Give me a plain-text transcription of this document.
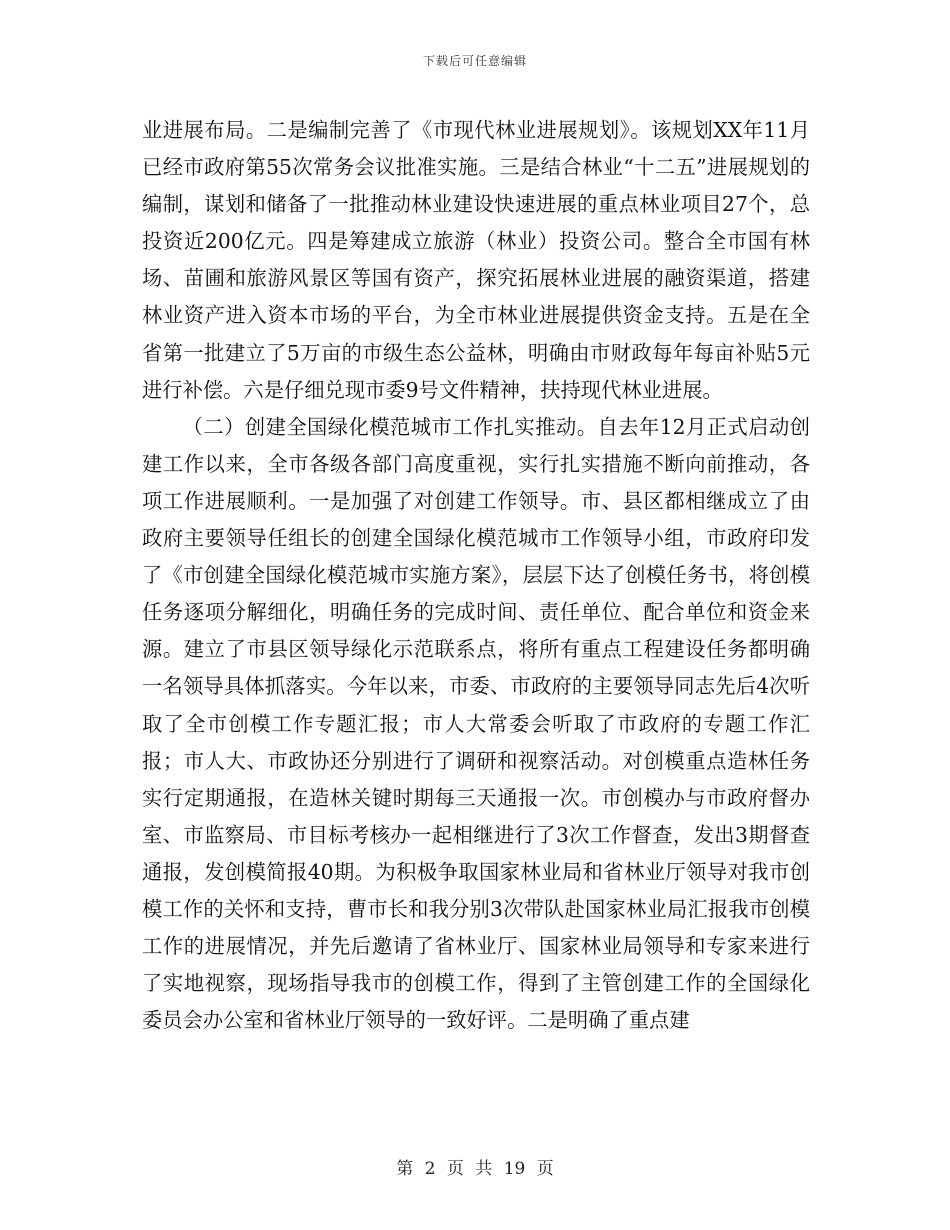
下载后可任意编辑

业进展布局。二是编制完善了《市现代林业进展规划》。该规划XX年11月已经市政府第55次常务会议批准实施。三是结合林业“十二五”进展规划的编制，谋划和储备了一批推动林业建设快速进展的重点林业项目27个，总投资近200亿元。四是筹建成立旅游（林业）投资公司。整合全市国有林场、苗圃和旅游风景区等国有资产，探究拓展林业进展的融资渠道，搭建林业资产进入资本市场的平台，为全市林业进展提供资金支持。五是在全省第一批建立了5万亩的市级生态公益林，明确由市财政每年每亩补贴5元进行补偿。六是仔细兑现市委9号文件精神，扶持现代林业进展。

（二）创建全国绿化模范城市工作扎实推动。自去年12月正式启动创建工作以来，全市各级各部门高度重视，实行扎实措施不断向前推动，各项工作进展顺利。一是加强了对创建工作领导。市、县区都相继成立了由政府主要领导任组长的创建全国绿化模范城市工作领导小组，市政府印发了《市创建全国绿化模范城市实施方案》，层层下达了创模任务书，将创模任务逐项分解细化，明确任务的完成时间、责任单位、配合单位和资金来源。建立了市县区领导绿化示范联系点，将所有重点工程建设任务都明确一名领导具体抓落实。今年以来，市委、市政府的主要领导同志先后4次听取了全市创模工作专题汇报；市人大常委会听取了市政府的专题工作汇报；市人大、市政协还分别进行了调研和视察活动。对创模重点造林任务实行定期通报，在造林关键时期每三天通报一次。市创模办与市政府督办室、市监察局、市目标考核办一起相继进行了3次工作督查，发出3期督查通报，发创模简报40期。为积极争取国家林业局和省林业厅领导对我市创模工作的关怀和支持，曹市长和我分别3次带队赴国家林业局汇报我市创模工作的进展情况，并先后邀请了省林业厅、国家林业局领导和专家来进行了实地视察，现场指导我市的创模工作，得到了主管创建工作的全国绿化委员会办公室和省林业厅领导的一致好评。二是明确了重点建

第 2 页 共 19 页
